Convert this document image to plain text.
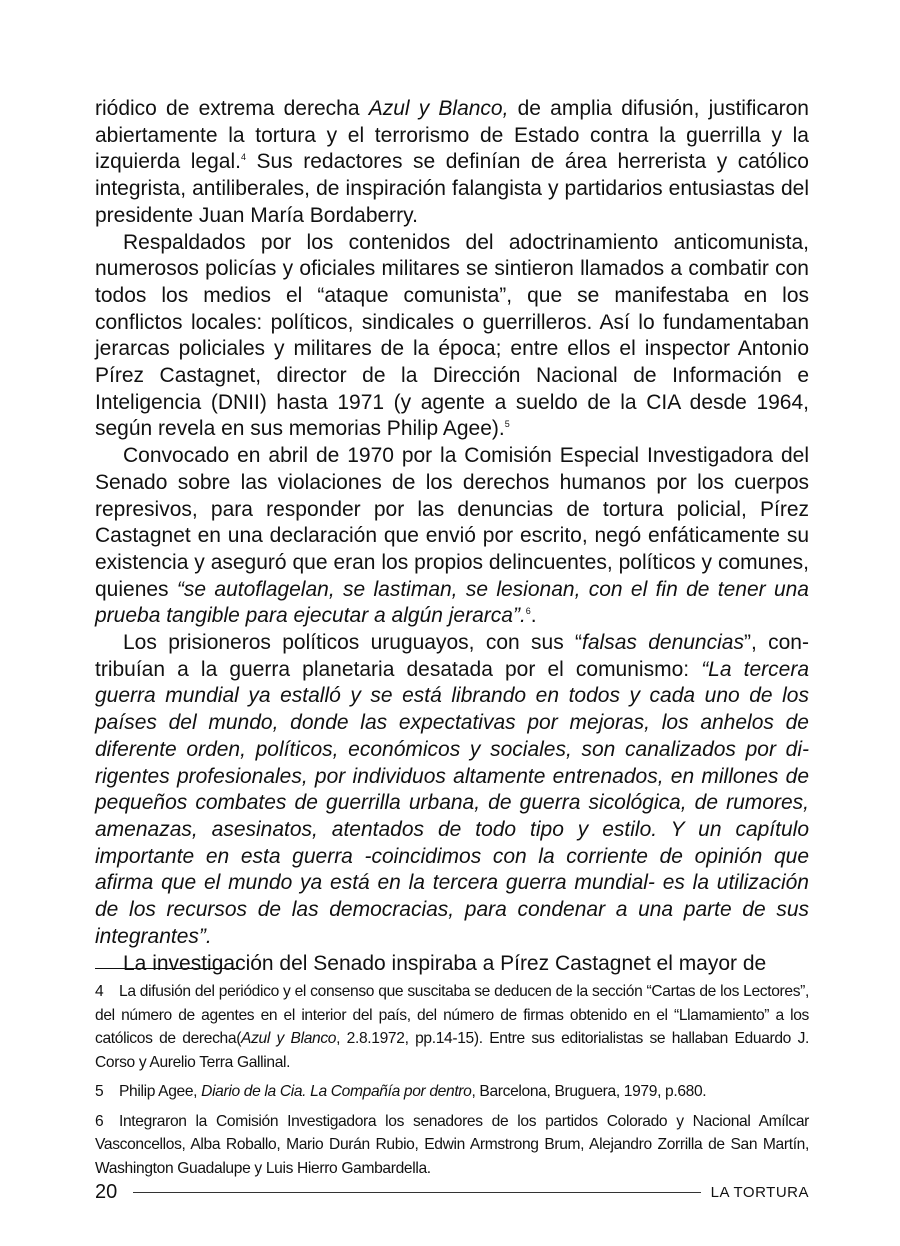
riódico de extrema derecha Azul y Blanco, de amplia difusión, justificaron abiertamente la tortura y el terrorismo de Estado contra la guerrilla y la izquierda legal.$^4$ Sus redactores se definían de área herrerista y católico integrista, antiliberales, de inspiración falangista y partidarios entusiastas del presidente Juan María Bordaberry.

Respaldados por los contenidos del adoctrinamiento anticomunista, numerosos policías y oficiales militares se sintieron llamados a combatir con todos los medios el “ataque comunista”, que se manifestaba en los conflictos locales: políticos, sindicales o guerrilleros. Así lo fundamentaban jerarcas policiales y militares de la época; entre ellos el inspector Antonio Pírez Castagnet, director de la Dirección Nacional de Información e Inteligencia (DNII) hasta 1971 (y agente a sueldo de la CIA desde 1964, según revela en sus memorias Philip Agee).$^5$

Convocado en abril de 1970 por la Comisión Especial Investigadora del Senado sobre las violaciones de los derechos humanos por los cuerpos represivos, para responder por las denuncias de tortura policial, Pírez Castagnet en una declaración que envió por escrito, negó enfáticamente su existencia y aseguró que eran los propios delincuentes, políticos y comunes, quienes “se autoflagelan, se lastiman, se lesionan, con el fin de tener una prueba tangible para ejecutar a algún jerarca”.$^6$.

Los prisioneros políticos uruguayos, con sus “falsas denuncias”, contribuían a la guerra planetaria desatada por el comunismo: “La tercera guerra mundial ya estalló y se está librando en todos y cada uno de los países del mundo, donde las expectativas por mejoras, los anhelos de diferente orden, políticos, económicos y sociales, son canalizados por dirigentes profesionales, por individuos altamente entrenados, en millones de pequeños combates de guerrilla urbana, de guerra sicológica, de rumores, amenazas, asesinatos, atentados de todo tipo y estilo. Y un capítulo importante en esta guerra -coincidimos con la corriente de opinión que afirma que el mundo ya está en la tercera guerra mundial- es la utilización de los recursos de las democracias, para condenar a una parte de sus integrantes”.

La investigación del Senado inspiraba a Pírez Castagnet el mayor de

4 La difusión del periódico y el consenso que suscitaba se deducen de la sección “Cartas de los Lectores”, del número de agentes en el interior del país, del número de firmas obtenido en el “Llamamiento” a los católicos de derecha(Azul y Blanco, 2.8.1972, pp.14-15). Entre sus editorialistas se hallaban Eduardo J. Corso y Aurelio Terra Gallinal.

5 Philip Agee, Diario de la Cia. La Compañía por dentro, Barcelona, Bruguera, 1979, p.680.

6 Integraron la Comisión Investigadora los senadores de los partidos Colorado y Nacional Amílcar Vasconcellos, Alba Roballo, Mario Durán Rubio, Edwin Armstrong Brum, Alejandro Zorrilla de San Martín, Washington Guadalupe y Luis Hierro Gambardella.

20	LA TORTURA
